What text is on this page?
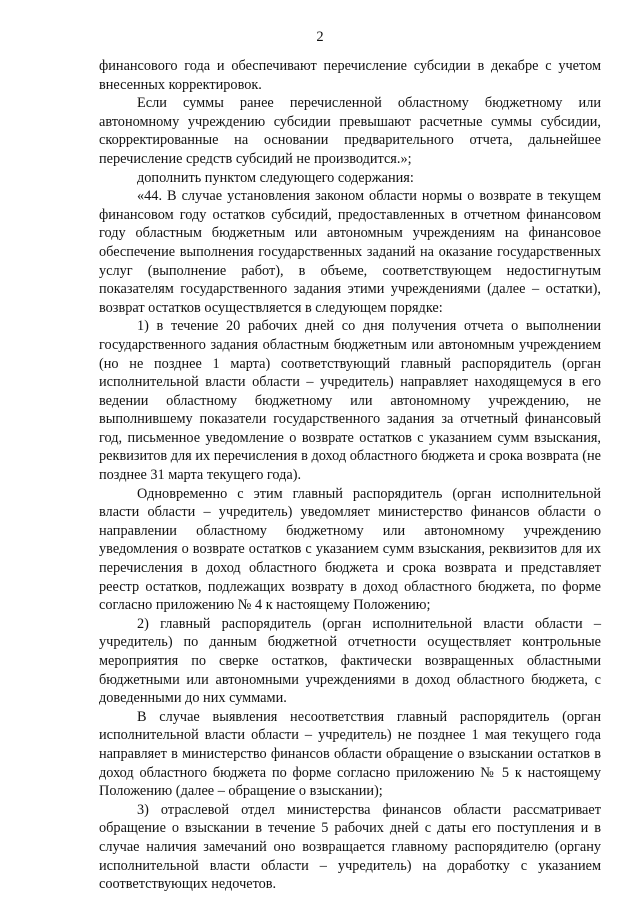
2

финансового года и обеспечивают перечисление субсидии в декабре с учетом внесенных корректировок.

Если суммы ранее перечисленной областному бюджетному или автономному учреждению субсидии превышают расчетные суммы субсидии, скорректированные на основании предварительного отчета, дальнейшее перечисление средств субсидий не производится.»;

дополнить пунктом следующего содержания:

«44. В случае установления законом области нормы о возврате в текущем финансовом году остатков субсидий, предоставленных в отчетном финансовом году областным бюджетным или автономным учреждениям на финансовое обеспечение выполнения государственных заданий на оказание государственных услуг (выполнение работ), в объеме, соответствующем недостигнутым показателям государственного задания этими учреждениями (далее – остатки), возврат остатков осуществляется в следующем порядке:

1) в течение 20 рабочих дней со дня получения отчета о выполнении государственного задания областным бюджетным или автономным учреждением (но не позднее 1 марта) соответствующий главный распорядитель (орган исполнительной власти области – учредитель) направляет находящемуся в его ведении областному бюджетному или автономному учреждению, не выполнившему показатели государственного задания за отчетный финансовый год, письменное уведомление о возврате остатков с указанием сумм взыскания, реквизитов для их перечисления в доход областного бюджета и срока возврата (не позднее 31 марта текущего года).

Одновременно с этим главный распорядитель (орган исполнительной власти области – учредитель) уведомляет министерство финансов области о направлении областному бюджетному или автономному учреждению уведомления о возврате остатков с указанием сумм взыскания, реквизитов для их перечисления в доход областного бюджета и срока возврата и представляет реестр остатков, подлежащих возврату в доход областного бюджета, по форме согласно приложению № 4 к настоящему Положению;

2) главный распорядитель (орган исполнительной власти области – учредитель) по данным бюджетной отчетности осуществляет контрольные мероприятия по сверке остатков, фактически возвращенных областными бюджетными или автономными учреждениями в доход областного бюджета, с доведенными до них суммами.

В случае выявления несоответствия главный распорядитель (орган исполнительной власти области – учредитель) не позднее 1 мая текущего года направляет в министерство финансов области обращение о взыскании остатков в доход областного бюджета по форме согласно приложению № 5 к настоящему Положению (далее – обращение о взыскании);

3) отраслевой отдел министерства финансов области рассматривает обращение о взыскании в течение 5 рабочих дней с даты его поступления и в случае наличия замечаний оно возвращается главному распорядителю (органу исполнительной власти области – учредитель) на доработку с указанием соответствующих недочетов.
